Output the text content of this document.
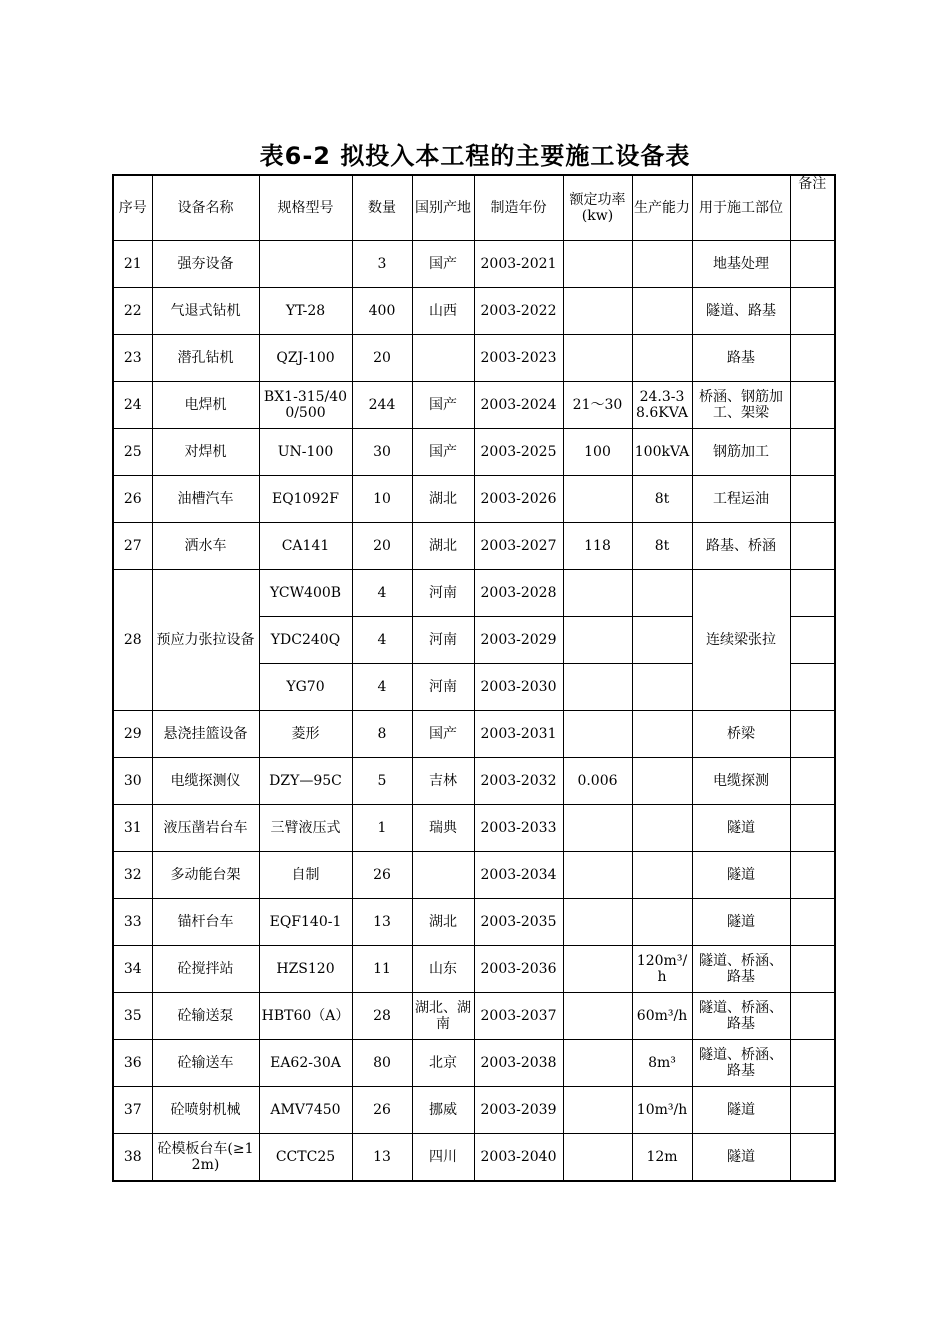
表6-2 拟投入本工程的主要施工设备表
序号	设备名称	规格型号	数量	国别产地	制造年份	额定功率(kw)	生产能力	用于施工部位	备注
21	强夯设备		3	国产	2003-2021			地基处理	
22	气退式钻机	YT-28	400	山西	2003-2022			隧道、路基	
23	潜孔钻机	QZJ-100	20		2003-2023			路基	
24	电焊机	BX1-315/400/500	244	国产	2003-2024	21～30	24.3-38.6KVA	桥涵、钢筋加工、架梁	
25	对焊机	UN-100	30	国产	2003-2025	100	100kVA	钢筋加工	
26	油槽汽车	EQ1092F	10	湖北	2003-2026		8t	工程运油	
27	洒水车	CA141	20	湖北	2003-2027	118	8t	路基、桥涵	
28	预应力张拉设备	YCW400B	4	河南	2003-2028			连续梁张拉	
		YDC240Q	4	河南	2003-2029				
		YG70	4	河南	2003-2030				
29	悬浇挂篮设备	菱形	8	国产	2003-2031			桥梁	
30	电缆探测仪	DZY—95C	5	吉林	2003-2032	0.006		电缆探测	
31	液压凿岩台车	三臂液压式	1	瑞典	2003-2033			隧道	
32	多动能台架	自制	26		2003-2034			隧道	
33	锚杆台车	EQF140-1	13	湖北	2003-2035			隧道	
34	砼搅拌站	HZS120	11	山东	2003-2036		120m³/h	隧道、桥涵、路基	
35	砼输送泵	HBT60（A）	28	湖北、湖南	2003-2037		60m³/h	隧道、桥涵、路基	
36	砼输送车	EA62-30A	80	北京	2003-2038		8m³	隧道、桥涵、路基	
37	砼喷射机械	AMV7450	26	挪威	2003-2039		10m³/h	隧道	
38	砼模板台车(≥12m)	CCTC25	13	四川	2003-2040		12m	隧道	
